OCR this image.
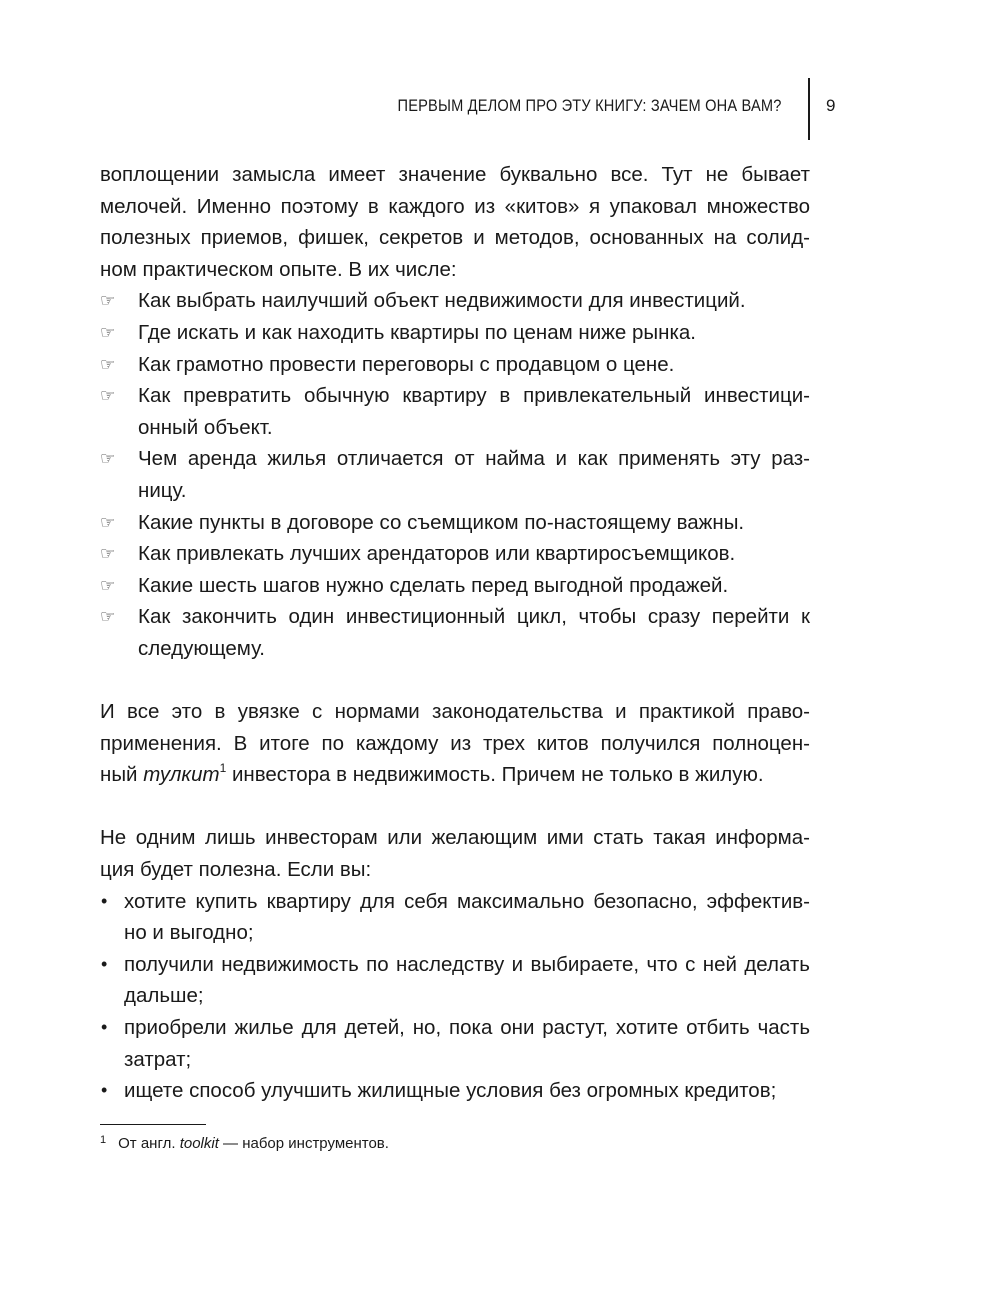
ПЕРВЫМ ДЕЛОМ ПРО ЭТУ КНИГУ: ЗАЧЕМ ОНА ВАМ?	9

воплощении замысла имеет значение буквально все. Тут не бывает мелочей. Именно поэтому в каждого из «китов» я упаковал множество полезных приемов, фишек, секретов и методов, основанных на солид- ном практическом опыте. В их числе:

☞ Как выбрать наилучший объект недвижимости для инвестиций.
☞ Где искать и как находить квартиры по ценам ниже рынка.
☞ Как грамотно провести переговоры с продавцом о цене.
☞ Как превратить обычную квартиру в привлекательный инвестици- онный объект.
☞ Чем аренда жилья отличается от найма и как применять эту раз- ницу.
☞ Какие пункты в договоре со съемщиком по-настоящему важны.
☞ Как привлекать лучших арендаторов или квартиросъемщиков.
☞ Какие шесть шагов нужно сделать перед выгодной продажей.
☞ Как закончить один инвестиционный цикл, чтобы сразу перейти к следующему.

И все это в увязке с нормами законодательства и практикой право- применения. В итоге по каждому из трех китов получился полноцен- ный тулкит$^1$ инвестора в недвижимость. Причем не только в жилую.

Не одним лишь инвесторам или желающим ими стать такая информа- ция будет полезна. Если вы:

• хотите купить квартиру для себя максимально безопасно, эффектив- но и выгодно;
• получили недвижимость по наследству и выбираете, что с ней делать дальше;
• приобрели жилье для детей, но, пока они растут, хотите отбить часть затрат;
• ищете способ улучшить жилищные условия без огромных кредитов;
$^1$ От англ. toolkit — набор инструментов.
